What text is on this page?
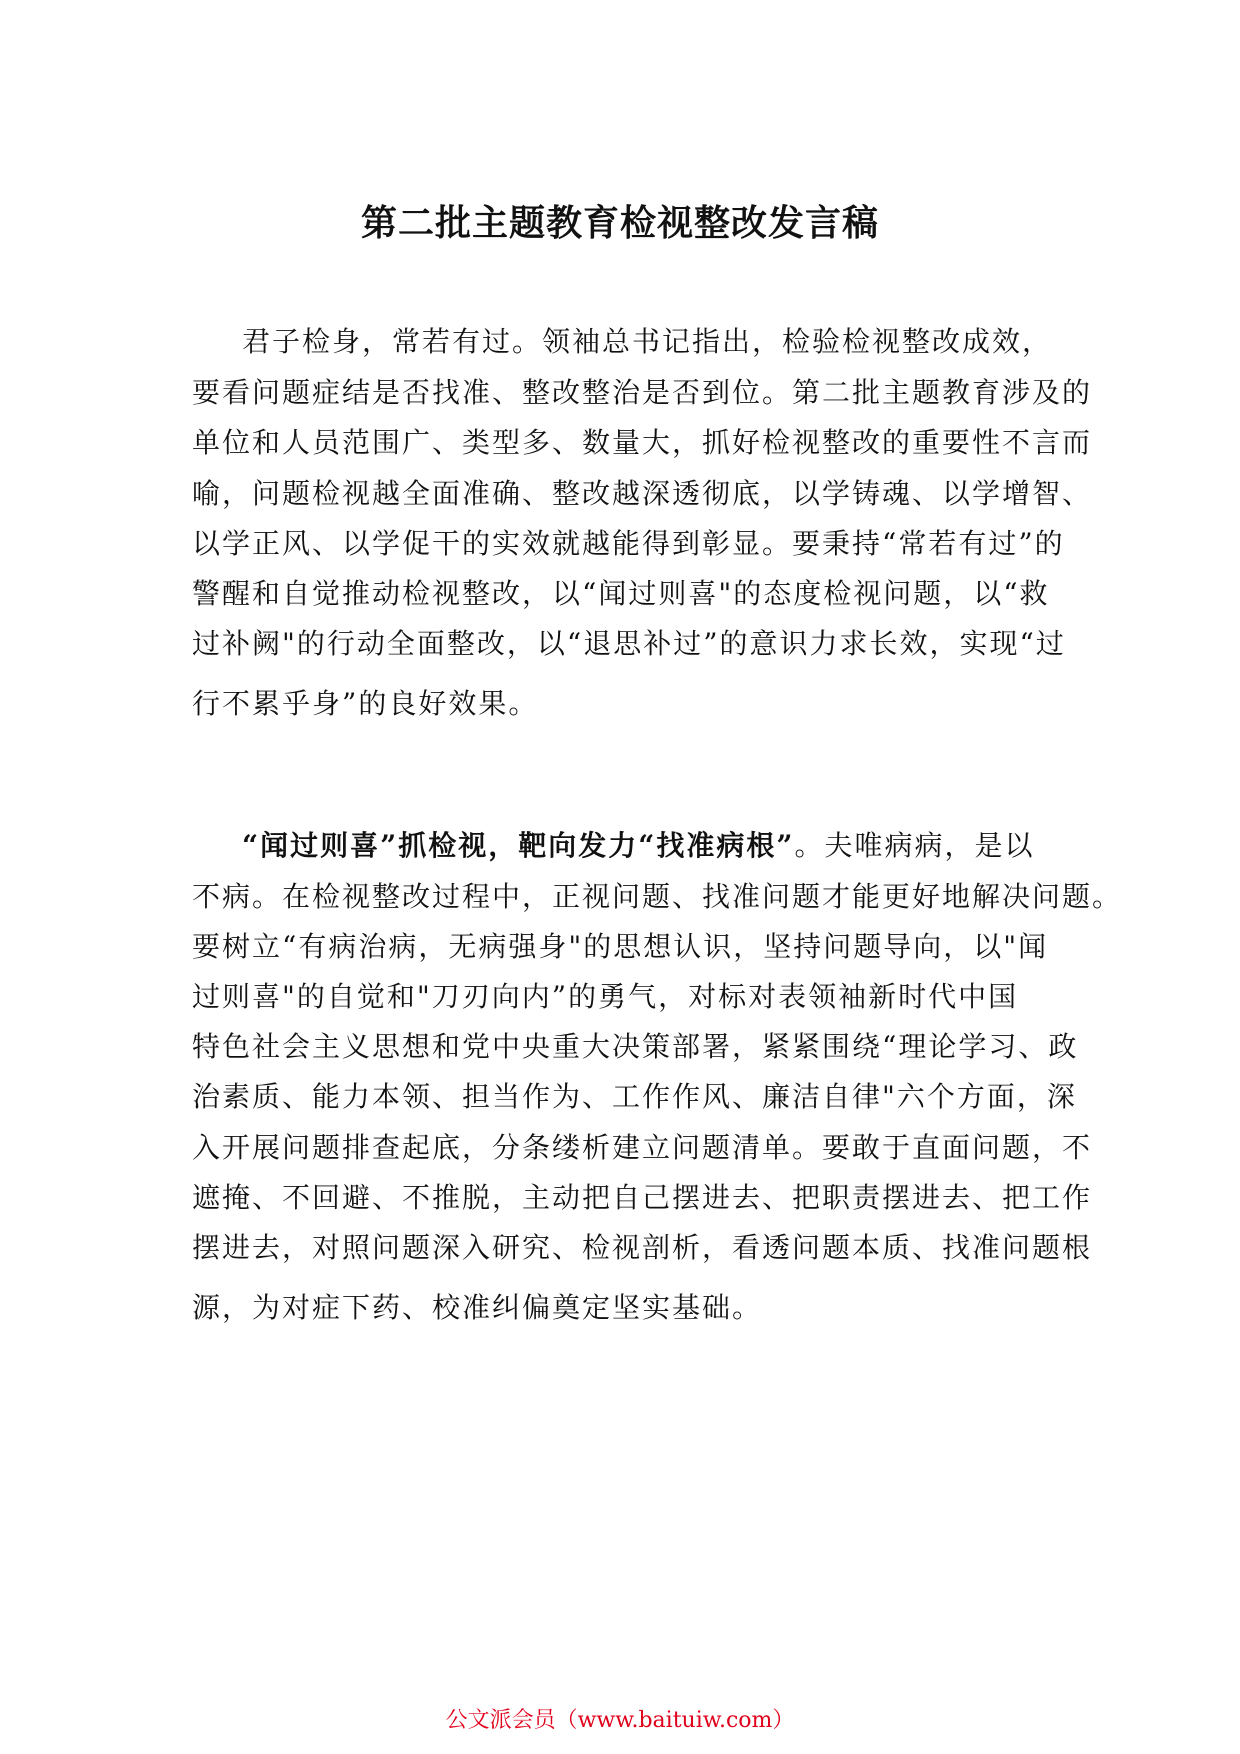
第二批主题教育检视整改发言稿
君子检身，常若有过。领袖总书记指出，检验检视整改成效，
要看问题症结是否找准、整改整治是否到位。第二批主题教育涉及的
单位和人员范围广、类型多、数量大，抓好检视整改的重要性不言而
喻，问题检视越全面准确、整改越深透彻底，以学铸魂、以学增智、
以学正风、以学促干的实效就越能得到彰显。要秉持“常若有过”的
警醒和自觉推动检视整改，以“闻过则喜"的态度检视问题，以“救
过补阙"的行动全面整改，以“退思补过”的意识力求长效，实现“过
行不累乎身”的良好效果。
“闻过则喜”抓检视，靶向发力“找准病根”。夫唯病病，是以
不病。在检视整改过程中，正视问题、找准问题才能更好地解决问题。
要树立“有病治病，无病强身"的思想认识，坚持问题导向，以"闻
过则喜"的自觉和"刀刃向内”的勇气，对标对表领袖新时代中国
特色社会主义思想和党中央重大决策部署，紧紧围绕“理论学习、政
治素质、能力本领、担当作为、工作作风、廉洁自律"六个方面，深
入开展问题排查起底，分条缕析建立问题清单。要敢于直面问题，不
遮掩、不回避、不推脱，主动把自己摆进去、把职责摆进去、把工作
摆进去，对照问题深入研究、检视剖析，看透问题本质、找准问题根
源，为对症下药、校准纠偏奠定坚实基础。
公文派会员（www.baituiw.com）
